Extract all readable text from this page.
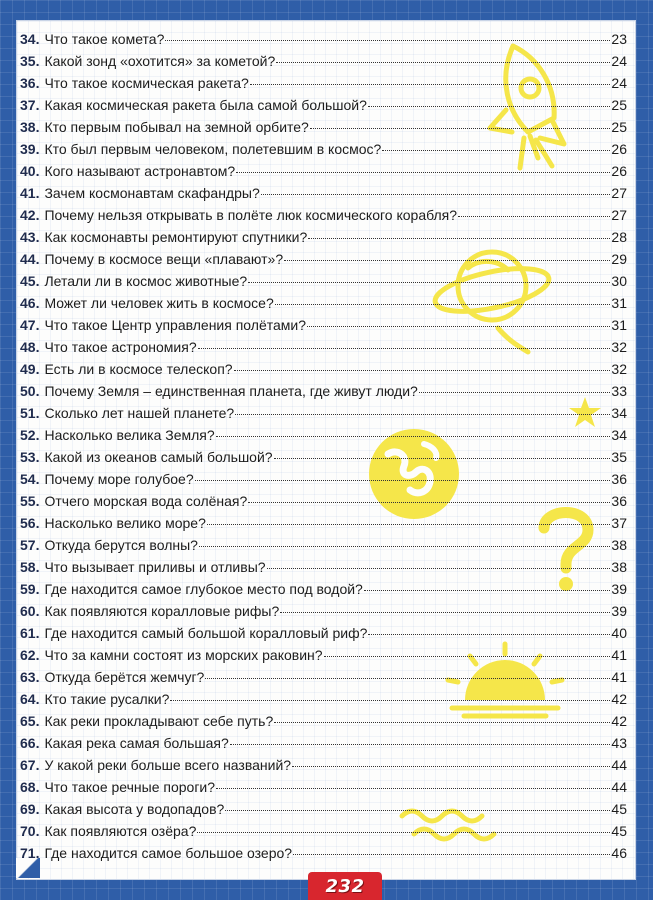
34. Что такое комета?	23
35. Какой зонд «охотится» за кометой?	24
36. Что такое космическая ракета?	24
37. Какая космическая ракета была самой большой?	25
38. Кто первым побывал на земной орбите?	25
39. Кто был первым человеком, полетевшим в космос?	26
40. Кого называют астронавтом?	26
41. Зачем космонавтам скафандры?	27
42. Почему нельзя открывать в полёте люк космического корабля?	27
43. Как космонавты ремонтируют спутники?	28
44. Почему в космосе вещи «плавают»?	29
45. Летали ли в космос животные?	30
46. Может ли человек жить в космосе?	31
47. Что такое Центр управления полётами?	31
48. Что такое астрономия?	32
49. Есть ли в космосе телескоп?	32
50. Почему Земля – единственная планета, где живут люди?	33
51. Сколько лет нашей планете?	34
52. Насколько велика Земля?	34
53. Какой из океанов самый большой?	35
54. Почему море голубое?	36
55. Отчего морская вода солёная?	36
56. Насколько велико море?	37
57. Откуда берутся волны?	38
58. Что вызывает приливы и отливы?	38
59. Где находится самое глубокое место под водой?	39
60. Как появляются коралловые рифы?	39
61. Где находится самый большой коралловый риф?	40
62. Что за камни состоят из морских раковин?	41
63. Откуда берётся жемчуг?	41
64. Кто такие русалки?	42
65. Как реки прокладывают себе путь?	42
66. Какая река самая большая?	43
67. У какой реки больше всего названий?	44
68. Что такое речные пороги?	44
69. Какая высота у водопадов?	45
70. Как появляются озёра?	45
71. Где находится самое большое озеро?	46
232
